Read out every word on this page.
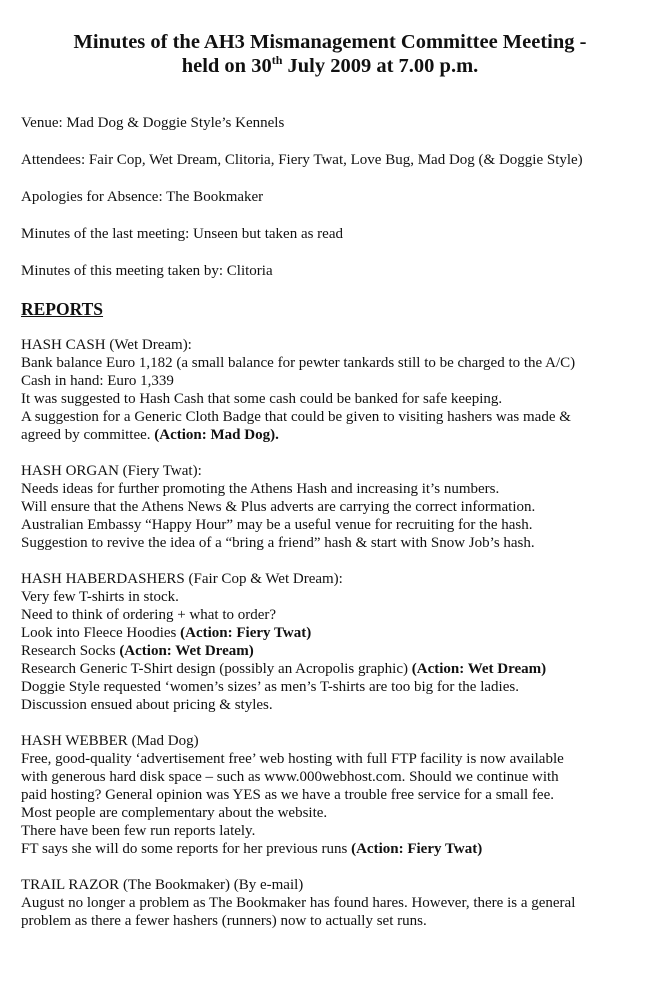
Minutes of the AH3 Mismanagement Committee Meeting -
held on 30th July 2009 at 7.00 p.m.
Venue: Mad Dog & Doggie Style’s Kennels
Attendees: Fair Cop, Wet Dream, Clitoria, Fiery Twat, Love Bug, Mad Dog (& Doggie Style)
Apologies for Absence: The Bookmaker
Minutes of the last meeting: Unseen but taken as read
Minutes of this meeting taken by: Clitoria
REPORTS
HASH CASH (Wet Dream):
Bank balance Euro 1,182 (a small balance for pewter tankards still to be charged to the A/C)
Cash in hand: Euro 1,339
It was suggested to Hash Cash that some cash could be banked for safe keeping.
A suggestion for a Generic Cloth Badge that could be given to visiting hashers was made &
agreed by committee. (Action: Mad Dog).
HASH ORGAN (Fiery Twat):
Needs ideas for further promoting the Athens Hash and increasing it’s numbers.
Will ensure that the Athens News & Plus adverts are carrying the correct information.
Australian Embassy “Happy Hour” may be a useful venue for recruiting for the hash.
Suggestion to revive the idea of a “bring a friend” hash & start with Snow Job’s hash.
HASH HABERDASHERS (Fair Cop & Wet Dream):
Very few T-shirts in stock.
Need to think of ordering + what to order?
Look into Fleece Hoodies (Action: Fiery Twat)
Research Socks (Action: Wet Dream)
Research Generic T-Shirt design (possibly an Acropolis graphic) (Action: Wet Dream)
Doggie Style requested ‘women’s sizes’ as men’s T-shirts are too big for the ladies.
Discussion ensued about pricing & styles.
HASH WEBBER (Mad Dog)
Free, good-quality ‘advertisement free’ web hosting with full FTP facility is now available
with generous hard disk space – such as www.000webhost.com. Should we continue with
paid hosting? General opinion was YES as we have a trouble free service for a small fee.
Most people are complementary about the website.
There have been few run reports lately.
FT says she will do some reports for her previous runs (Action: Fiery Twat)
TRAIL RAZOR (The Bookmaker) (By e-mail)
August no longer a problem as The Bookmaker has found hares. However, there is a general
problem as there a fewer hashers (runners) now to actually set runs.
